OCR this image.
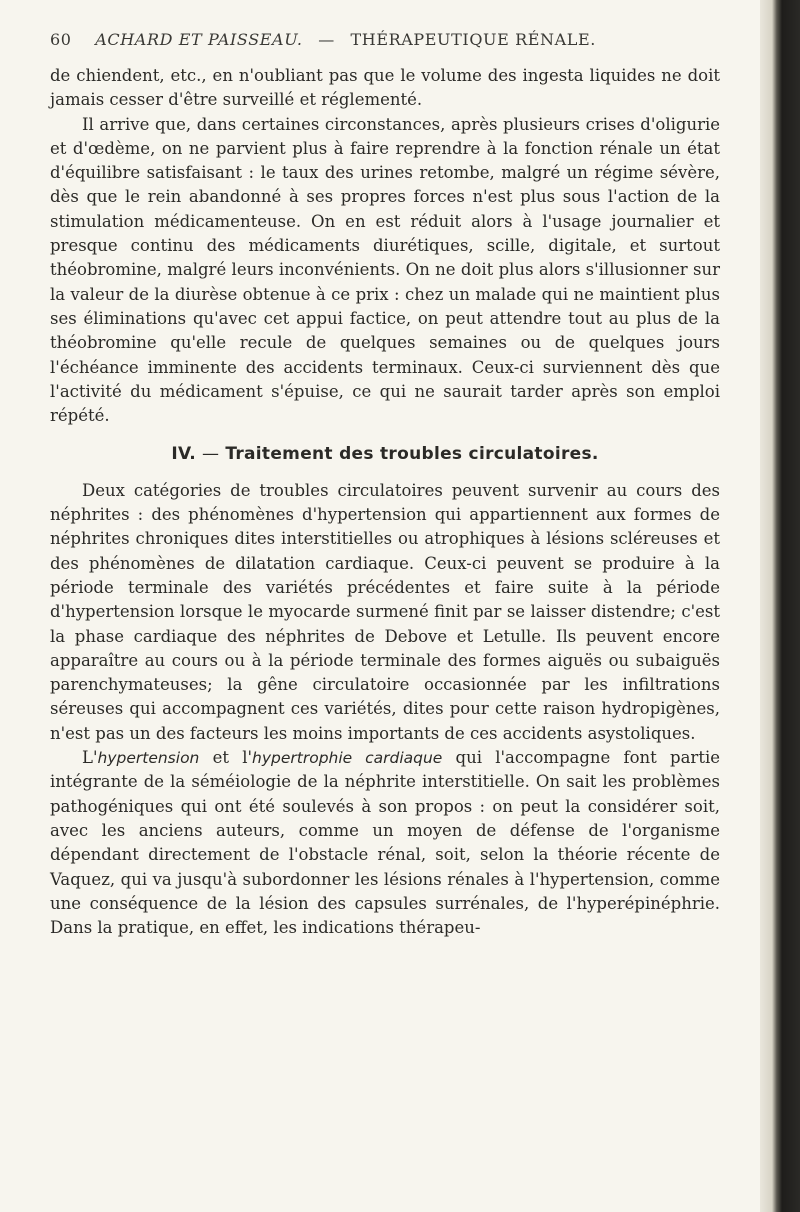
60 ACHARD ET PAISSEAU. — THÉRAPEUTIQUE RÉNALE.

de chiendent, etc., en n'oubliant pas que le volume des ingesta liquides ne doit jamais cesser d'être surveillé et réglementé.

Il arrive que, dans certaines circonstances, après plusieurs crises d'oligurie et d'œdème, on ne parvient plus à faire reprendre à la fonction rénale un état d'équilibre satisfaisant : le taux des urines retombe, malgré un régime sévère, dès que le rein abandonné à ses propres forces n'est plus sous l'action de la stimulation médicamenteuse. On en est réduit alors à l'usage journalier et presque continu des médicaments diurétiques, scille, digitale, et surtout théobromine, malgré leurs inconvénients. On ne doit plus alors s'illusionner sur la valeur de la diurèse obtenue à ce prix : chez un malade qui ne maintient plus ses éliminations qu'avec cet appui factice, on peut attendre tout au plus de la théobromine qu'elle recule de quelques semaines ou de quelques jours l'échéance imminente des accidents terminaux. Ceux-ci surviennent dès que l'activité du médicament s'épuise, ce qui ne saurait tarder après son emploi répété.

IV. — Traitement des troubles circulatoires.

Deux catégories de troubles circulatoires peuvent survenir au cours des néphrites : des phénomènes d'hypertension qui appartiennent aux formes de néphrites chroniques dites interstitielles ou atrophiques à lésions scléreuses et des phénomènes de dilatation cardiaque. Ceux-ci peuvent se produire à la période terminale des variétés précédentes et faire suite à la période d'hypertension lorsque le myocarde surmené finit par se laisser distendre; c'est la phase cardiaque des néphrites de Debove et Letulle. Ils peuvent encore apparaître au cours ou à la période terminale des formes aiguës ou subaiguës parenchymateuses; la gêne circulatoire occasionnée par les infiltrations séreuses qui accompagnent ces variétés, dites pour cette raison hydropigènes, n'est pas un des facteurs les moins importants de ces accidents asystoliques.

L'hypertension et l'hypertrophie cardiaque qui l'accompagne font partie intégrante de la séméiologie de la néphrite interstitielle. On sait les problèmes pathogéniques qui ont été soulevés à son propos : on peut la considérer soit, avec les anciens auteurs, comme un moyen de défense de l'organisme dépendant directement de l'obstacle rénal, soit, selon la théorie récente de Vaquez, qui va jusqu'à subordonner les lésions rénales à l'hypertension, comme une conséquence de la lésion des capsules surrénales, de l'hyperépinéphrie. Dans la pratique, en effet, les indications thérapeu-
